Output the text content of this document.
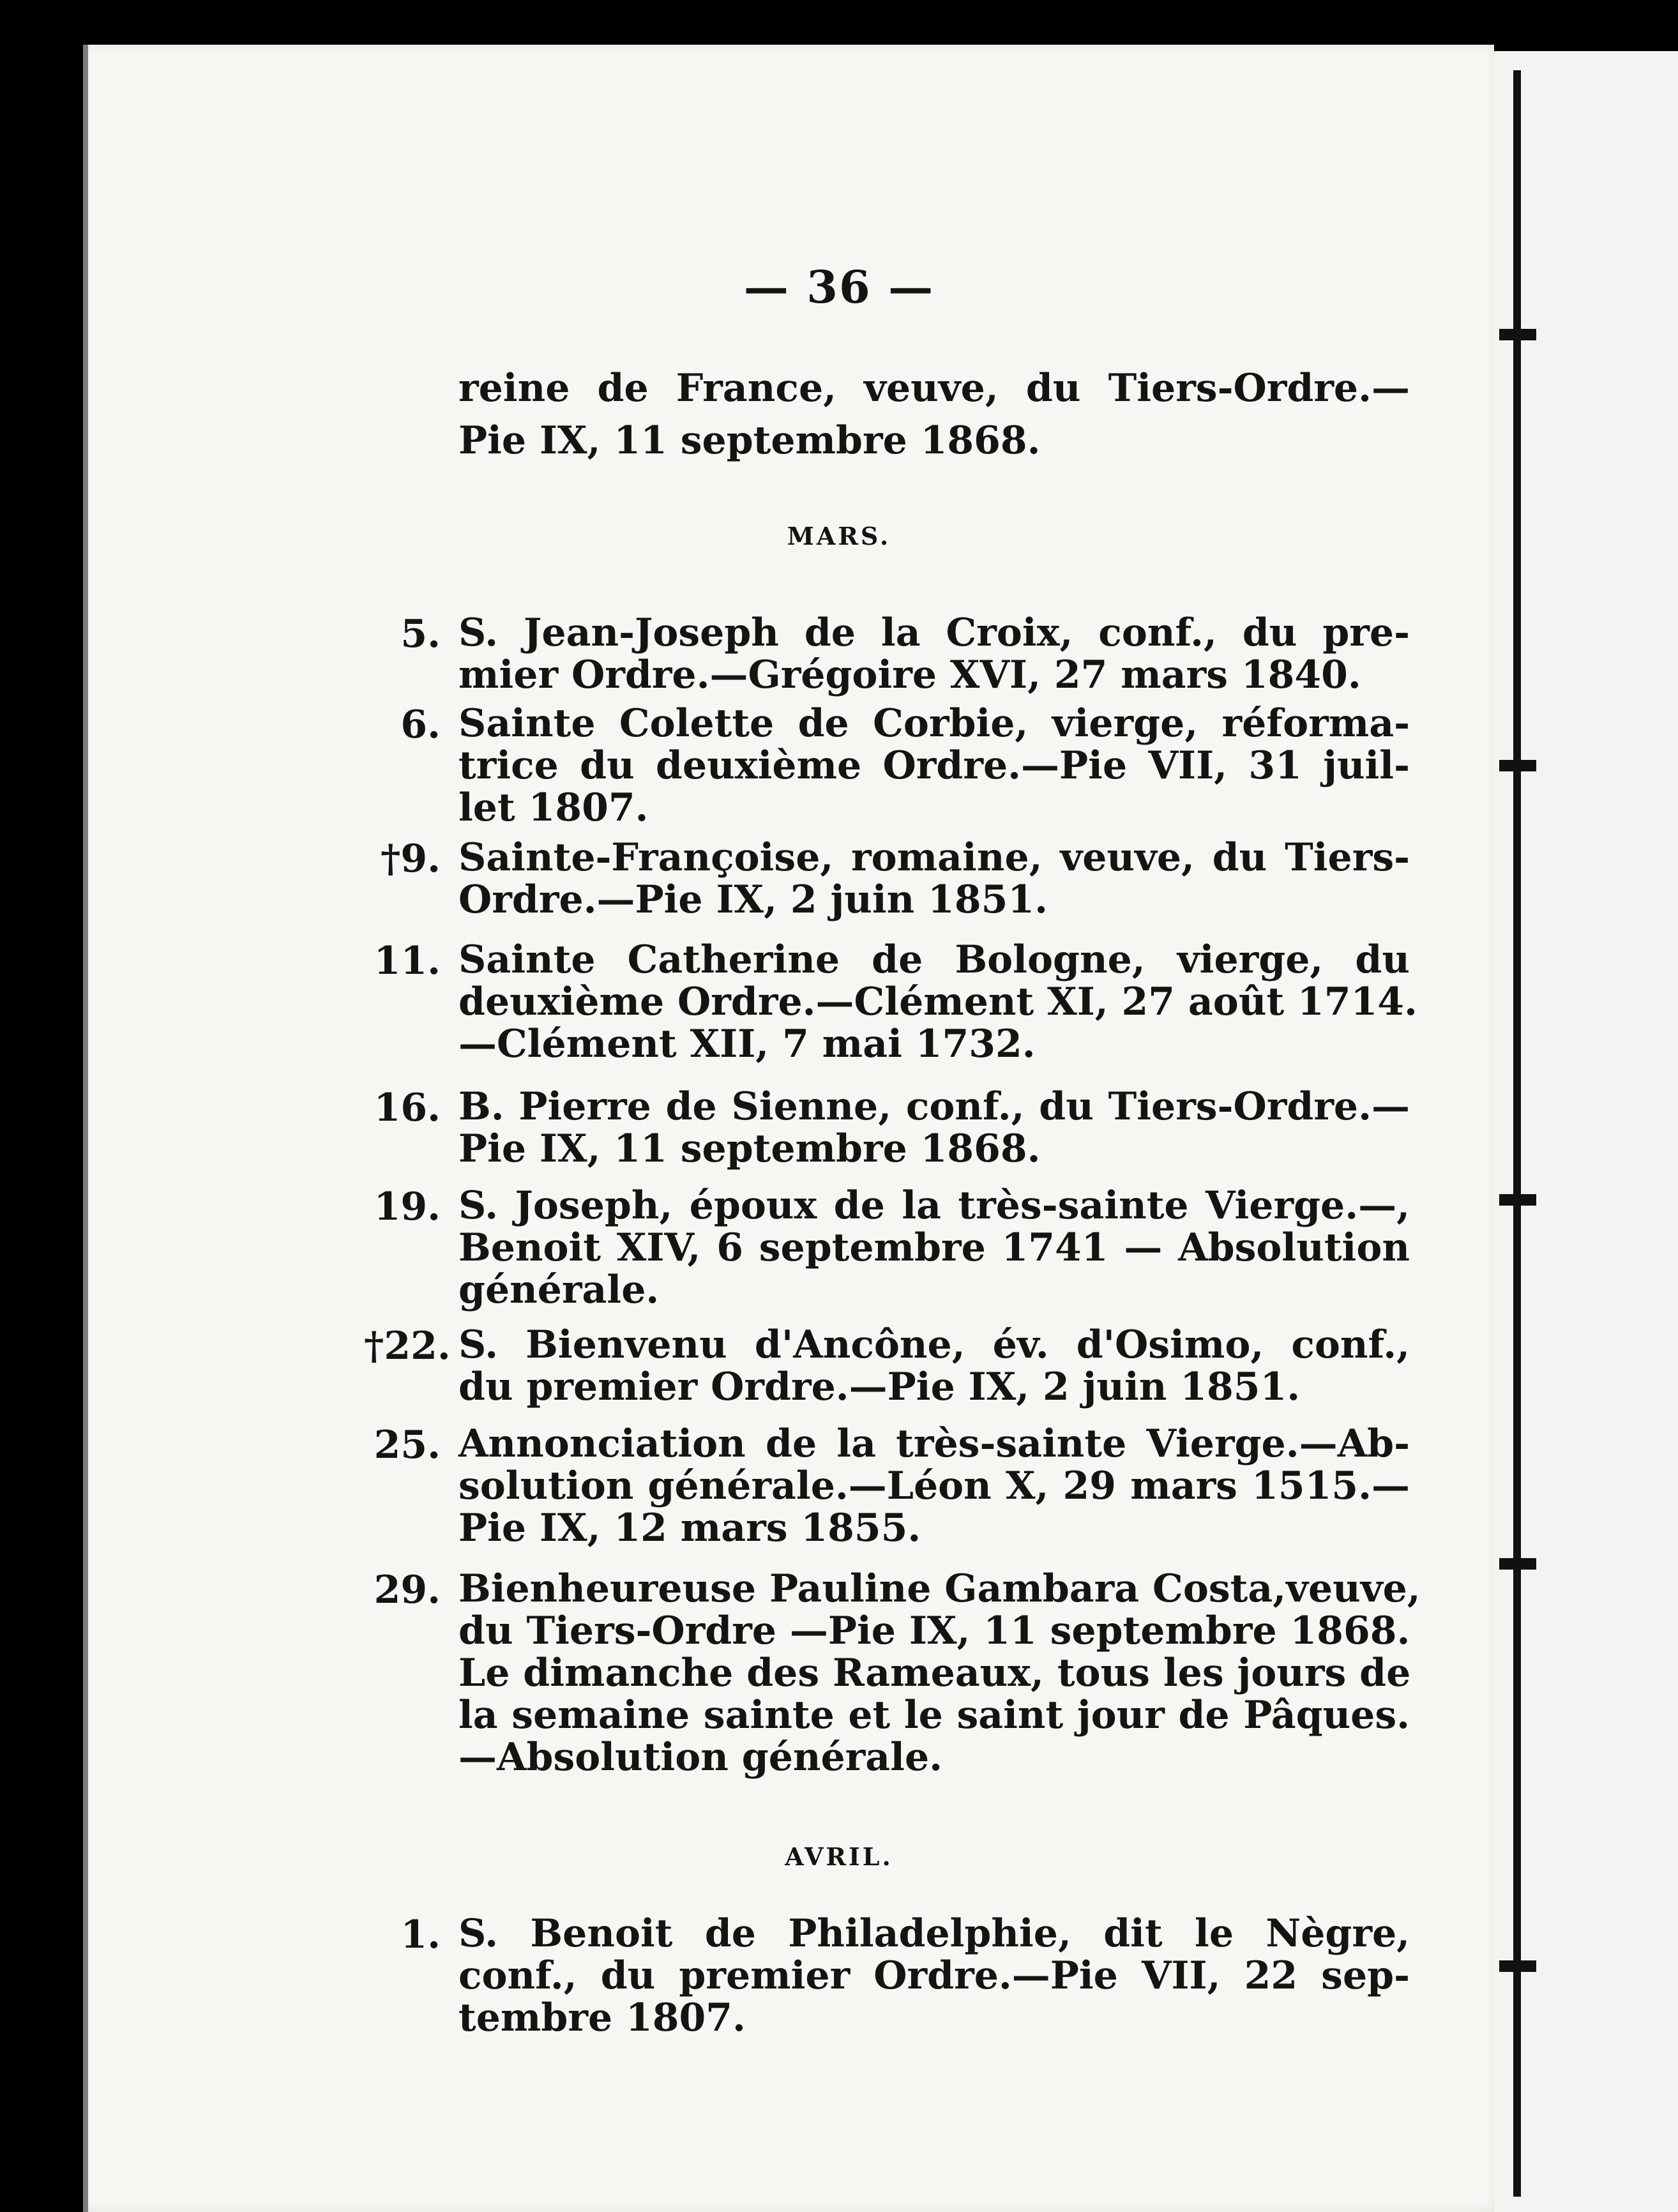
— 36 —
reine de France, veuve, du Tiers-Ordre.—
Pie IX, 11 septembre 1868.
MARS.
5. S. Jean-Joseph de la Croix, conf., du pre-
mier Ordre.—Grégoire XVI, 27 mars 1840.
6. Sainte Colette de Corbie, vierge, réforma-
trice du deuxième Ordre.—Pie VII, 31 juil-
let 1807.
†9. Sainte-Françoise, romaine, veuve, du Tiers-
Ordre.—Pie IX, 2 juin 1851.
11. Sainte Catherine de Bologne, vierge, du
deuxième Ordre.—Clément XI, 27 août 1714.
—Clément XII, 7 mai 1732.
16. B. Pierre de Sienne, conf., du Tiers-Ordre.—
Pie IX, 11 septembre 1868.
19. S. Joseph, époux de la très-sainte Vierge.—,
Benoit XIV, 6 septembre 1741 — Absolution
générale.
†22. S. Bienvenu d'Ancône, év. d'Osimo, conf.,
du premier Ordre.—Pie IX, 2 juin 1851.
25. Annonciation de la très-sainte Vierge.—Ab-
solution générale.—Léon X, 29 mars 1515.—
Pie IX, 12 mars 1855.
29. Bienheureuse Pauline Gambara Costa,veuve,
du Tiers-Ordre —Pie IX, 11 septembre 1868.
Le dimanche des Rameaux, tous les jours de
la semaine sainte et le saint jour de Pâques.
—Absolution générale.
AVRIL.
1. S. Benoit de Philadelphie, dit le Nègre,
conf., du premier Ordre.—Pie VII, 22 sep-
tembre 1807.
